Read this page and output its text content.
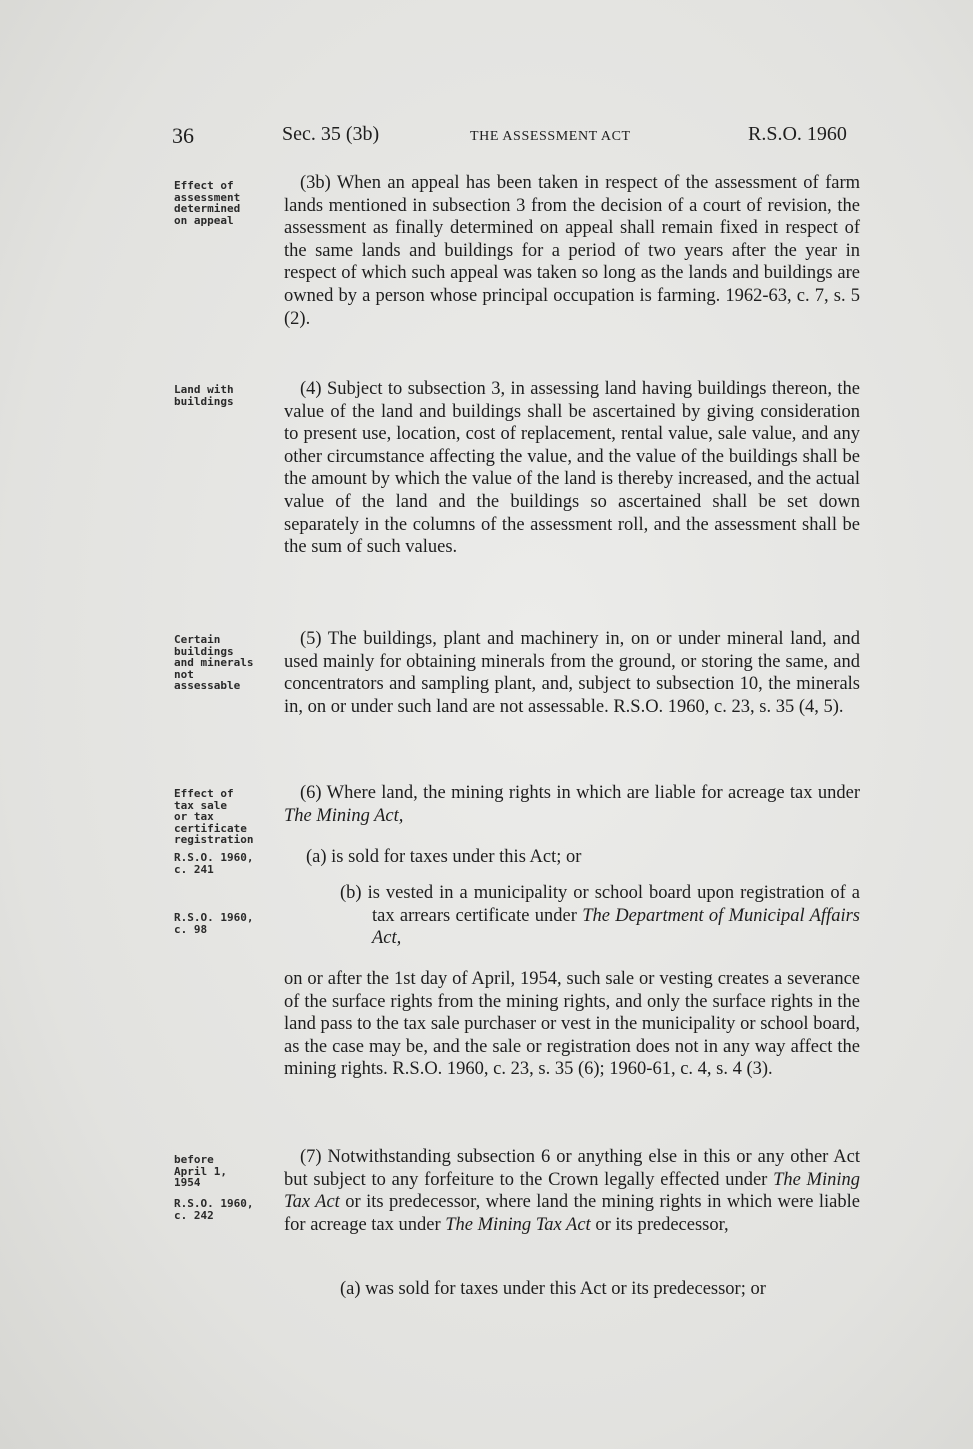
36	Sec. 35 (3b)	THE ASSESSMENT ACT	R.S.O. 1960
Effect of
assessment
determined
on appeal
(3b) When an appeal has been taken in respect of the assessment of farm lands mentioned in subsection 3 from the decision of a court of revision, the assessment as finally determined on appeal shall remain fixed in respect of the same lands and buildings for a period of two years after the year in respect of which such appeal was taken so long as the lands and buildings are owned by a person whose principal occupation is farming. 1962-63, c. 7, s. 5 (2).
Land with
buildings
(4) Subject to subsection 3, in assessing land having buildings thereon, the value of the land and buildings shall be ascertained by giving consideration to present use, location, cost of replacement, rental value, sale value, and any other circumstance affecting the value, and the value of the buildings shall be the amount by which the value of the land is thereby increased, and the actual value of the land and the buildings so ascertained shall be set down separately in the columns of the assessment roll, and the assessment shall be the sum of such values.
Certain
buildings
and minerals
not
assessable
(5) The buildings, plant and machinery in, on or under mineral land, and used mainly for obtaining minerals from the ground, or storing the same, and concentrators and sampling plant, and, subject to subsection 10, the minerals in, on or under such land are not assessable. R.S.O. 1960, c. 23, s. 35 (4, 5).
Effect of
tax sale
or tax
certificate
registration
(6) Where land, the mining rights in which are liable for acreage tax under The Mining Act,
R.S.O. 1960,
c. 241
(a) is sold for taxes under this Act; or
R.S.O. 1960,
c. 98
(b) is vested in a municipality or school board upon registration of a tax arrears certificate under The Department of Municipal Affairs Act,
on or after the 1st day of April, 1954, such sale or vesting creates a severance of the surface rights from the mining rights, and only the surface rights in the land pass to the tax sale purchaser or vest in the municipality or school board, as the case may be, and the sale or registration does not in any way affect the mining rights. R.S.O. 1960, c. 23, s. 35 (6); 1960-61, c. 4, s. 4 (3).
before
April 1,
1954
R.S.O. 1960,
c. 242
(7) Notwithstanding subsection 6 or anything else in this or any other Act but subject to any forfeiture to the Crown legally effected under The Mining Tax Act or its predecessor, where land the mining rights in which were liable for acreage tax under The Mining Tax Act or its predecessor,
(a) was sold for taxes under this Act or its predecessor; or
